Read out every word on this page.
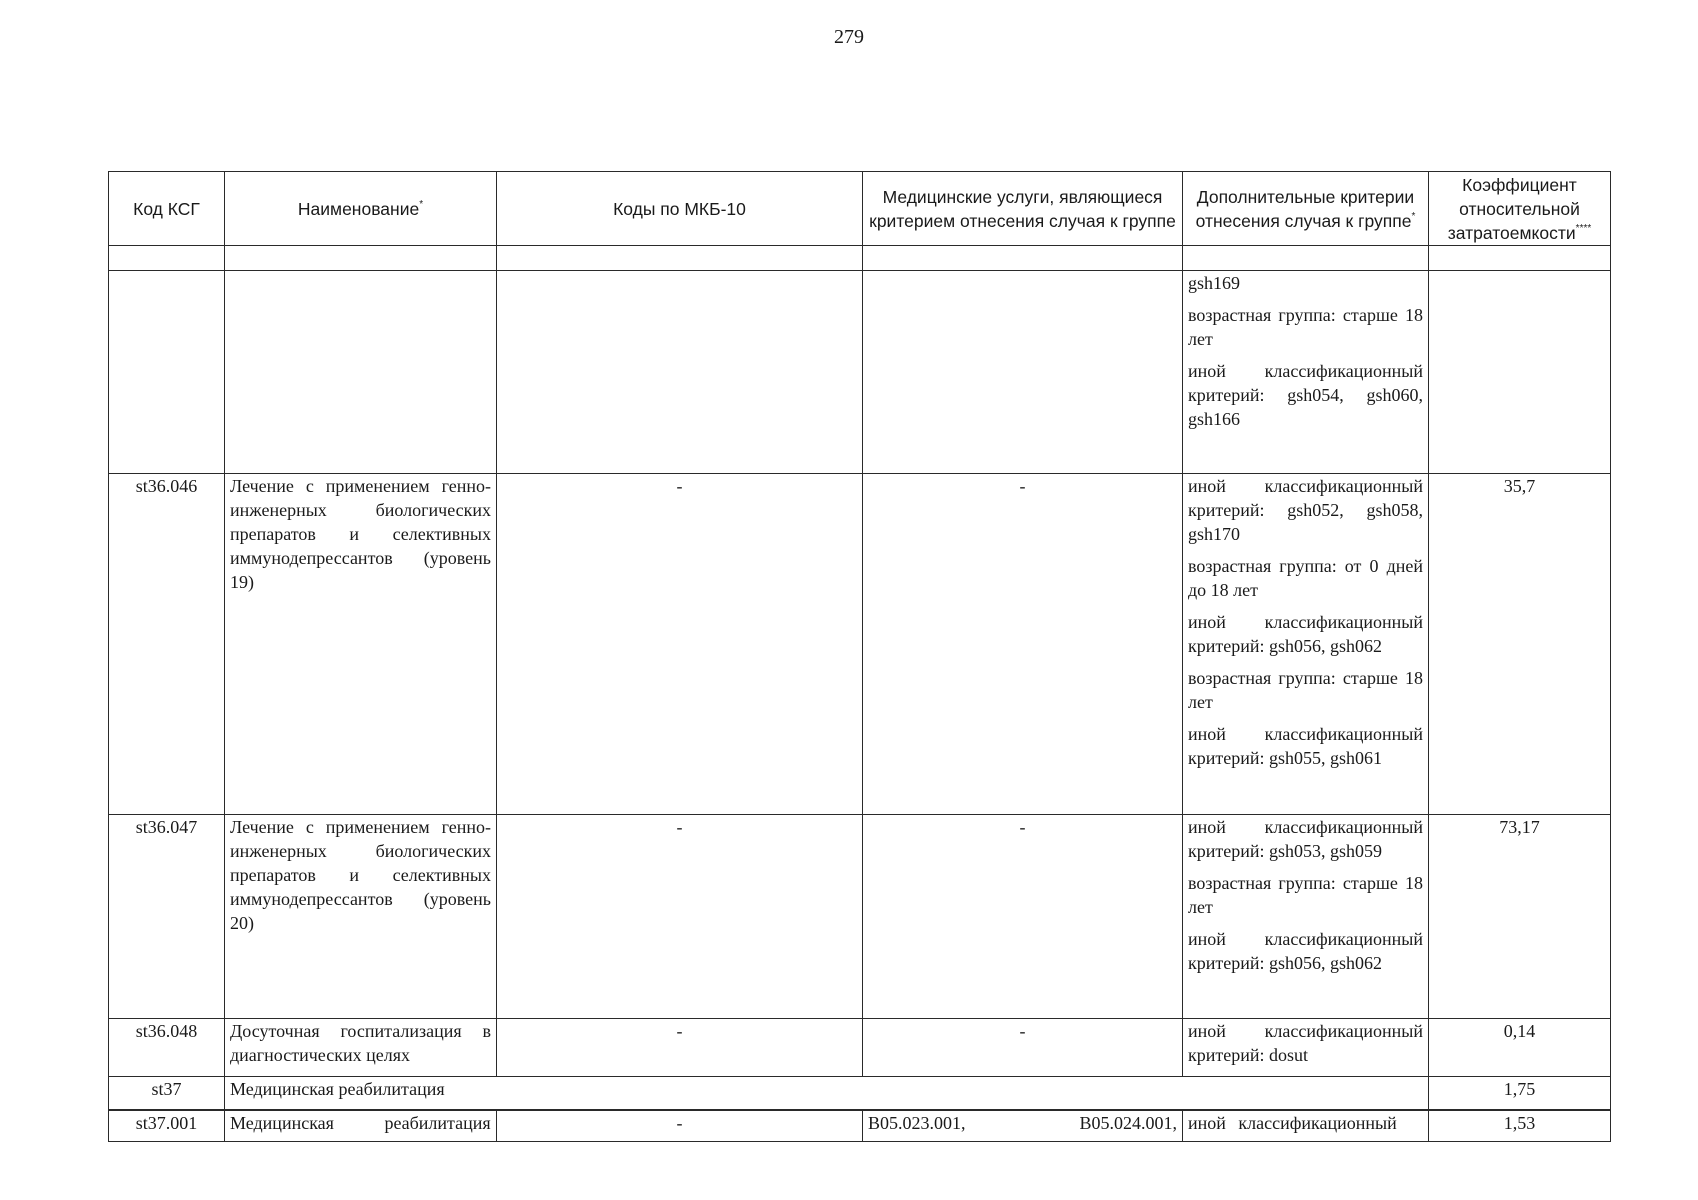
279
Код КСГ	Наименование*	Коды по МКБ-10	Медицинские услуги, являющиеся критерием отнесения случая к группе	Дополнительные критерии отнесения случая к группе*	Коэффициент относительной затратоемкости****

				gsh169
возрастная группа: старше 18 лет
иной классификационный критерий: gsh054, gsh060, gsh166	

st36.046	Лечение с применением генно-инженерных биологических препаратов и селективных иммунодепрессантов (уровень 19)	-	-	иной классификационный критерий: gsh052, gsh058, gsh170
возрастная группа: от 0 дней до 18 лет
иной классификационный критерий: gsh056, gsh062
возрастная группа: старше 18 лет
иной классификационный критерий: gsh055, gsh061	35,7
st36.047	Лечение с применением генно-инженерных биологических препаратов и селективных иммунодепрессантов (уровень 20)	-	-	иной классификационный критерий: gsh053, gsh059
возрастная группа: старше 18 лет
иной классификационный критерий: gsh056, gsh062	73,17
st36.048	Досуточная госпитализация в диагностических целях	-	-	иной классификационный критерий: dosut	0,14
st37	Медицинская реабилитация				1,75
st37.001	Медицинская реабилитация	-	B05.023.001, B05.024.001,	иной классификационный	1,53
